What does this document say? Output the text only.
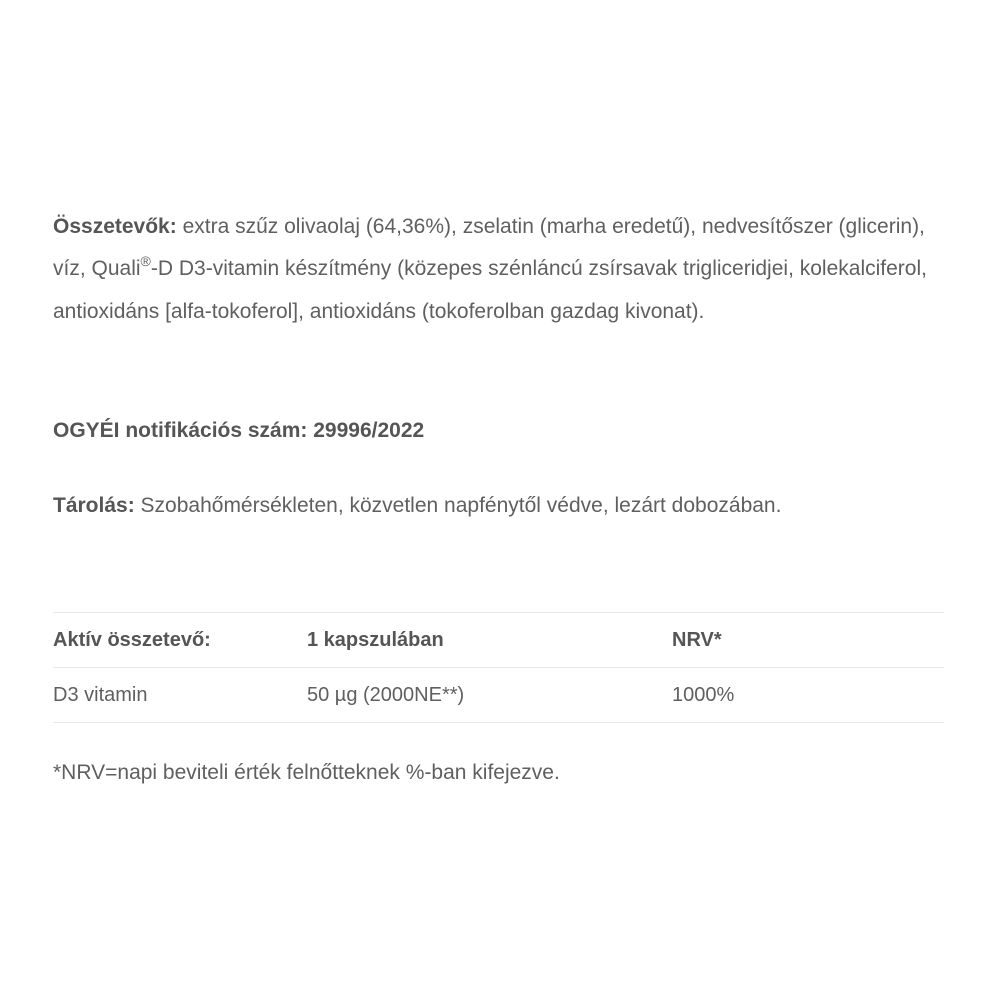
Összetevők: extra szűz olivaolaj (64,36%), zselatin (marha eredetű), nedvesítőszer (glicerin), víz, Quali®-D D3-vitamin készítmény (közepes szénláncú zsírsavak trigliceridjei, kolekalciferol, antioxidáns [alfa-tokoferol], antioxidáns (tokoferolban gazdag kivonat).
OGYÉI notifikációs szám: 29996/2022
Tárolás: Szobahőmérsékleten, közvetlen napfénytől védve, lezárt dobozában.
Aktív összetevő:	1 kapszulában	NRV*
D3 vitamin	50 µg (2000NE**)	1000%
*NRV=napi beviteli érték felnőtteknek %-ban kifejezve.
